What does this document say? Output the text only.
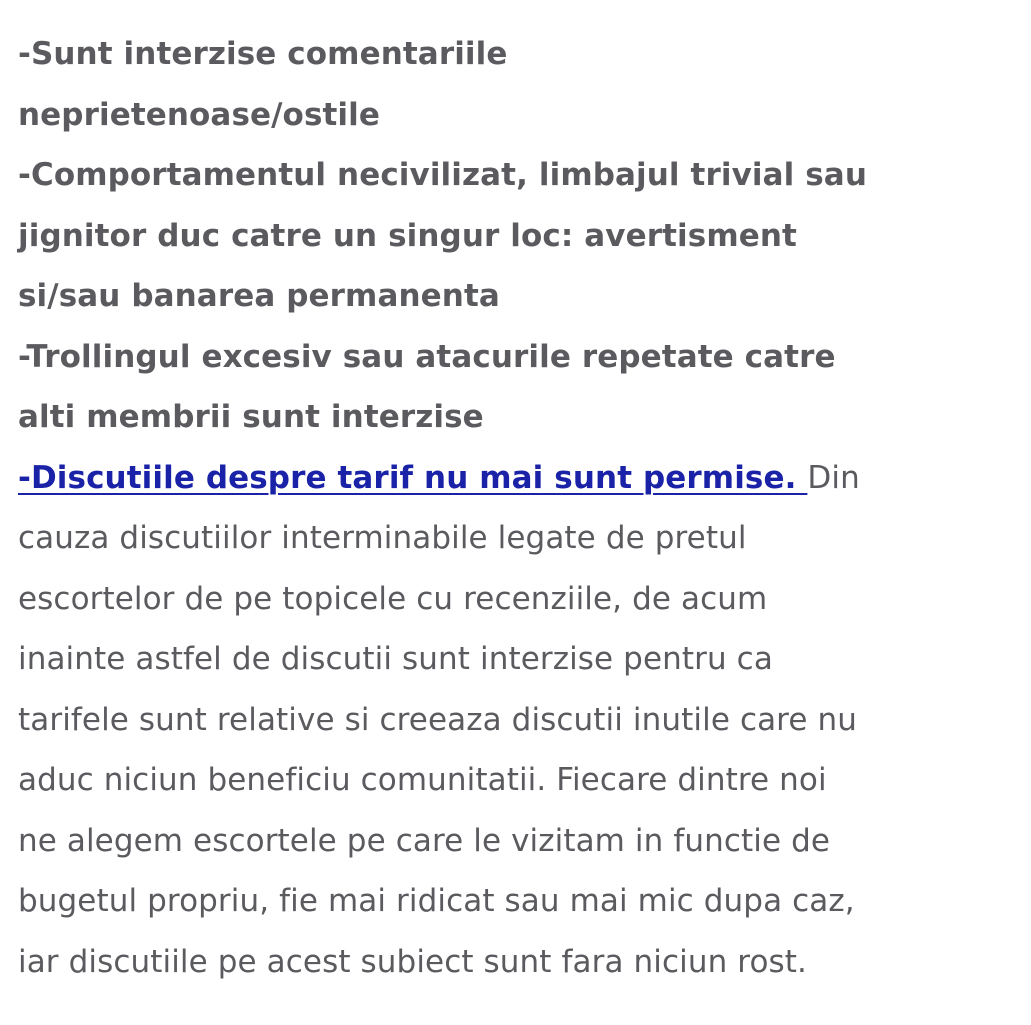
-Sunt interzise comentariile
neprietenoase/ostile
-Comportamentul necivilizat, limbajul trivial sau
jignitor duc catre un singur loc: avertisment
si/sau banarea permanenta
-Trollingul excesiv sau atacurile repetate catre
alti membrii sunt interzise
-Discutiile despre tarif nu mai sunt permise. Din
cauza discutiilor interminabile legate de pretul
escortelor de pe topicele cu recenziile, de acum
inainte astfel de discutii sunt interzise pentru ca
tarifele sunt relative si creeaza discutii inutile care nu
aduc niciun beneficiu comunitatii. Fiecare dintre noi
ne alegem escortele pe care le vizitam in functie de
bugetul propriu, fie mai ridicat sau mai mic dupa caz,
iar discutiile pe acest subiect sunt fara niciun rost.
